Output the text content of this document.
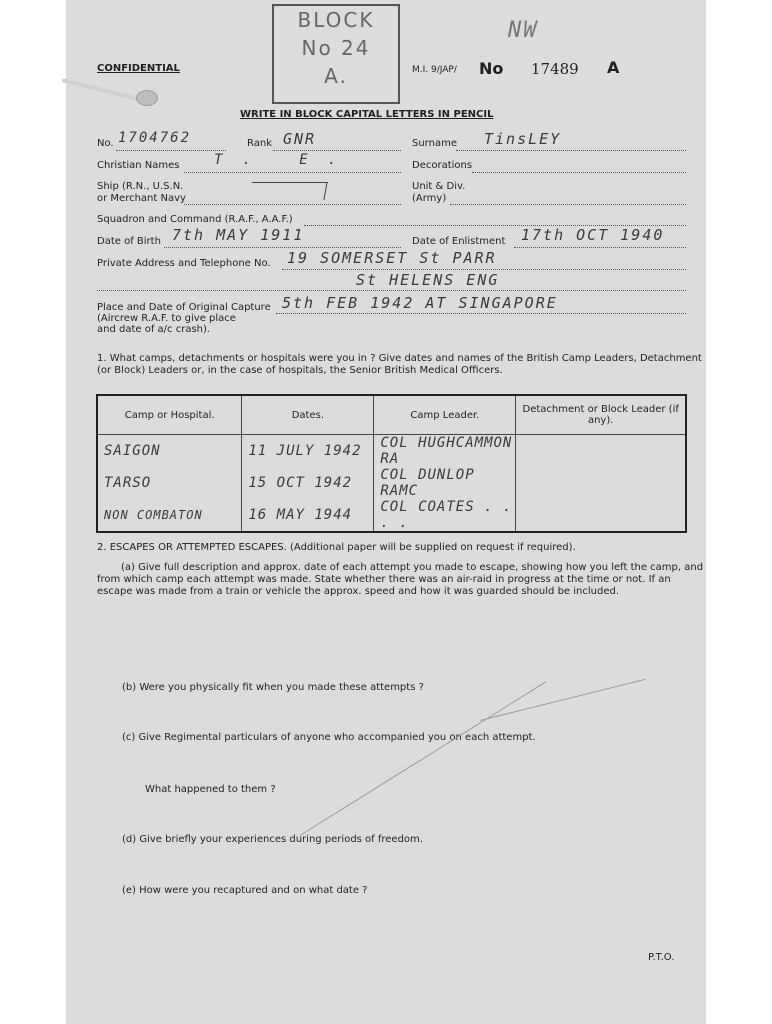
CONFIDENTIAL
BLOCK
No 24
A.
NW
M.I. 9/JAP/ No 17489 A
WRITE IN BLOCK CAPITAL LETTERS IN PENCIL
No. 1704762	Rank GNR	Surname TinsLEY
Christian Names T. E.	Decorations
Ship (R.N., U.S.N.
or Merchant Navy
Unit & Div.
(Army)
Squadron and Command (R.A.F., A.A.F.)
Date of Birth 7th MAY 1911	Date of Enlistment 17th OCT 1940
Private Address and Telephone No. 19 SOMERSET St PARR
St HELENS ENG
Place and Date of Original Capture
(Aircrew R.A.F. to give place
and date of a/c crash).
5th FEB 1942 AT SINGAPORE
1. What camps, detachments or hospitals were you in ? Give dates and names of the British Camp Leaders, Detachment
(or Block) Leaders or, in the case of hospitals, the Senior British Medical Officers.
Camp or Hospital.	Dates.	Camp Leader.	Detachment or Block Leader (if any).
SAIGON	11 JULY 1942	COL HUGHCAMMON RA	
TARSO	15 OCT 1942	COL DUNLOP RAMC	
NON COMBATON	16 MAY 1944	COL COATES . . . .	
2. ESCAPES OR ATTEMPTED ESCAPES. (Additional paper will be supplied on request if required).
(a) Give full description and approx. date of each attempt you made to escape, showing how you left the camp, and
from which camp each attempt was made. State whether there was an air-raid in progress at the time or not. If an
escape was made from a train or vehicle the approx. speed and how it was guarded should be included.
(b) Were you physically fit when you made these attempts ?
(c) Give Regimental particulars of anyone who accompanied you on each attempt.
What happened to them ?
(d) Give briefly your experiences during periods of freedom.
(e) How were you recaptured and on what date ?
P.T.O.
